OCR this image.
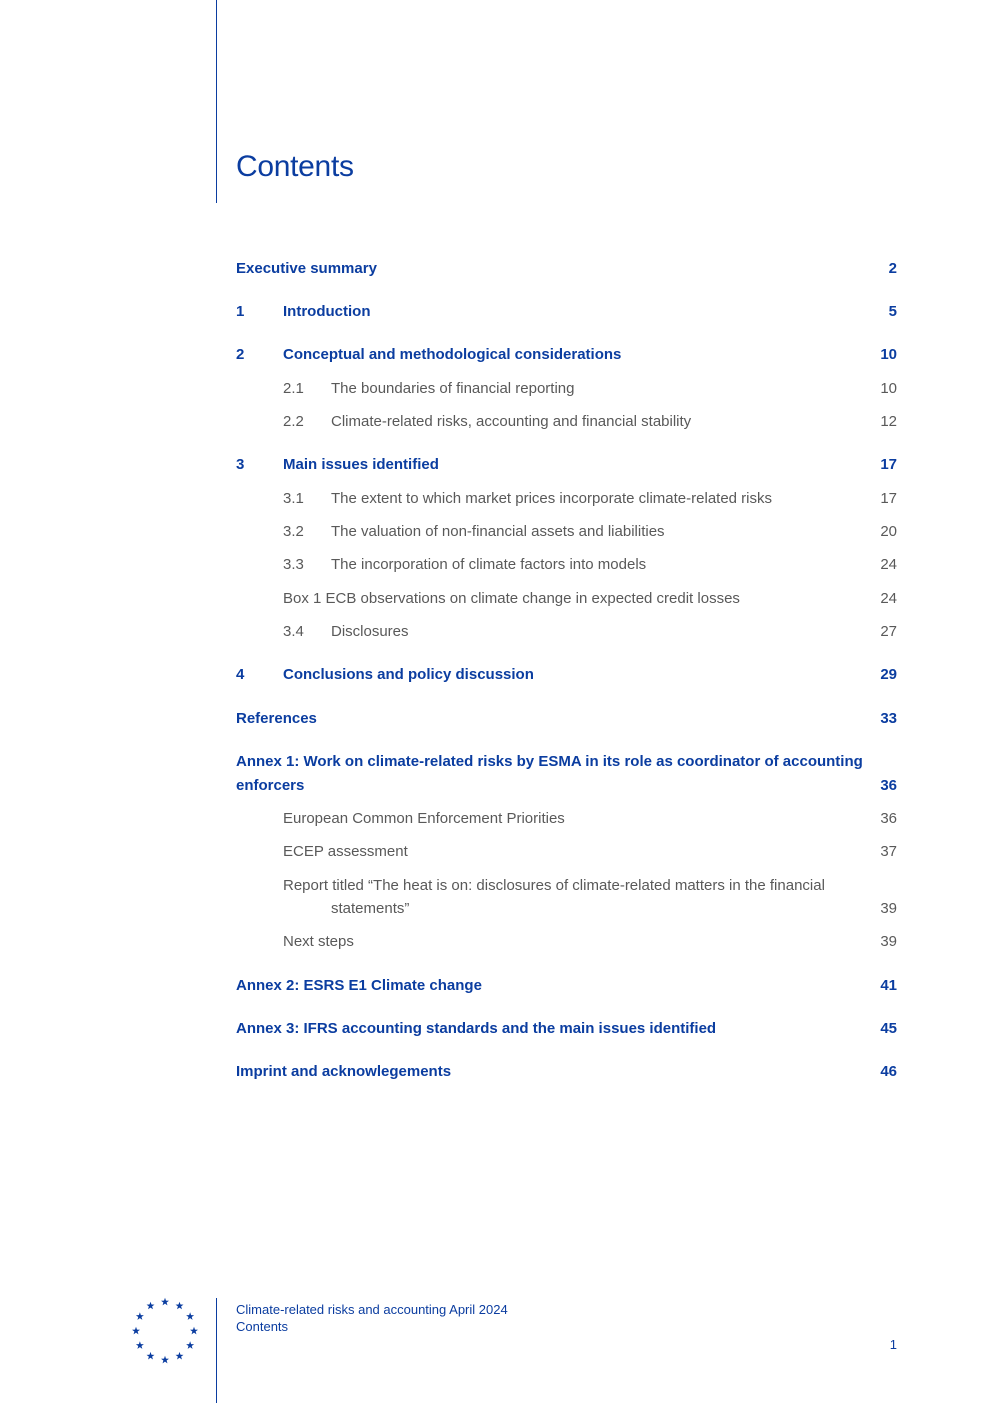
Contents
Executive summary	2
1	Introduction	5
2	Conceptual and methodological considerations	10
2.1 The boundaries of financial reporting	10
2.2 Climate-related risks, accounting and financial stability	12
3	Main issues identified	17
3.1 The extent to which market prices incorporate climate-related risks	17
3.2 The valuation of non-financial assets and liabilities	20
3.3 The incorporation of climate factors into models	24
Box 1 ECB observations on climate change in expected credit losses	24
3.4 Disclosures	27
4	Conclusions and policy discussion	29
References	33
Annex 1: Work on climate-related risks by ESMA in its role as coordinator of accounting enforcers	36
European Common Enforcement Priorities	36
ECEP assessment	37
Report titled “The heat is on: disclosures of climate-related matters in the financial statements”	39
Next steps	39
Annex 2: ESRS E1 Climate change	41
Annex 3: IFRS accounting standards and the main issues identified	45
Imprint and acknowlegements	46
Climate-related risks and accounting April 2024
Contents
1
